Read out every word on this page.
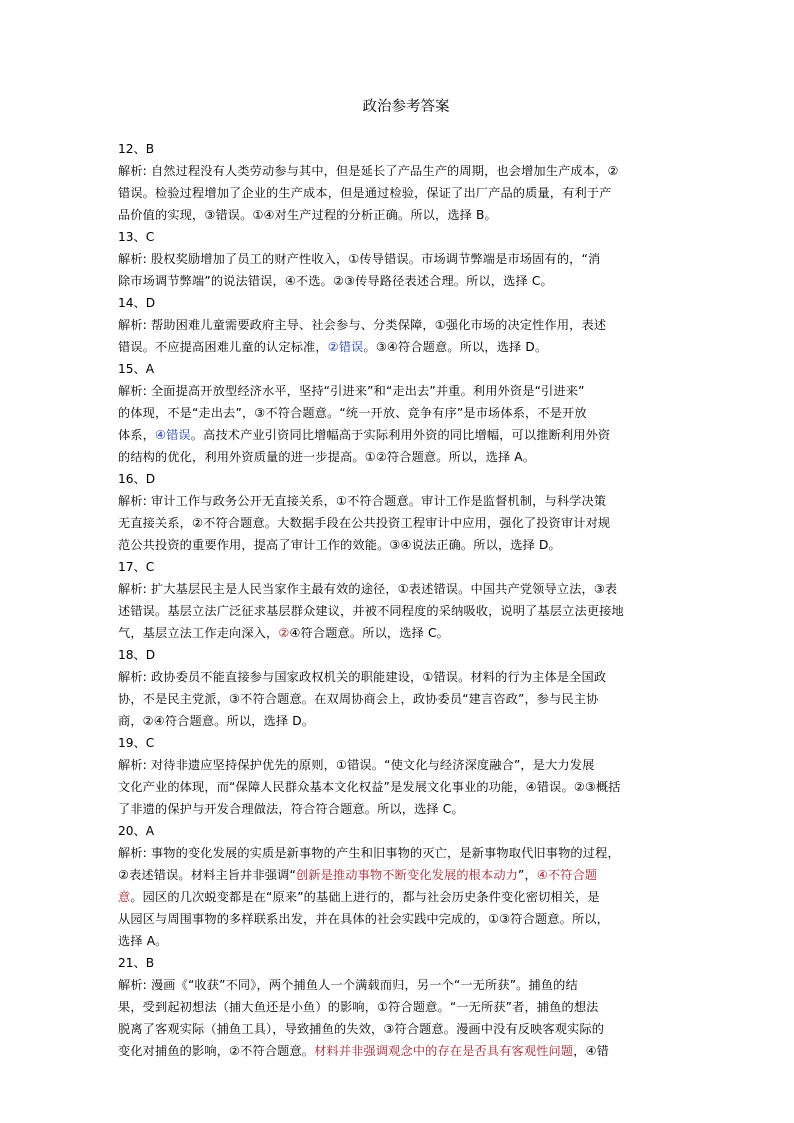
政治参考答案
12、B
解析: 自然过程没有人类劳动参与其中，但是延长了产品生产的周期，也会增加生产成本，②
错误。检验过程增加了企业的生产成本，但是通过检验，保证了出厂产品的质量，有利于产
品价值的实现，③错误。①④对生产过程的分析正确。所以，选择 B。
13、C
解析: 股权奖励增加了员工的财产性收入，①传导错误。市场调节弊端是市场固有的，“消
除市场调节弊端”的说法错误，④不选。②③传导路径表述合理。所以，选择 C。
14、D
解析: 帮助困难儿童需要政府主导、社会参与、分类保障，①强化市场的决定性作用，表述
错误。不应提高困难儿童的认定标准，②错误。③④符合题意。所以，选择 D。
15、A
解析: 全面提高开放型经济水平，坚持“引进来”和“走出去”并重。利用外资是“引进来”
的体现，不是“走出去”，③不符合题意。“统一开放、竞争有序”是市场体系，不是开放
体系，④错误。高技术产业引资同比增幅高于实际利用外资的同比增幅，可以推断利用外资
的结构的优化，利用外资质量的进一步提高。①②符合题意。所以，选择 A。
16、D
解析: 审计工作与政务公开无直接关系，①不符合题意。审计工作是监督机制，与科学决策
无直接关系，②不符合题意。大数据手段在公共投资工程审计中应用，强化了投资审计对规
范公共投资的重要作用，提高了审计工作的效能。③④说法正确。所以，选择 D。
17、C
解析: 扩大基层民主是人民当家作主最有效的途径，①表述错误。中国共产党领导立法，③表
述错误。基层立法广泛征求基层群众建议，并被不同程度的采纳吸收，说明了基层立法更接地
气，基层立法工作走向深入，②④符合题意。所以，选择 C。
18、D
解析: 政协委员不能直接参与国家政权机关的职能建设，①错误。材料的行为主体是全国政
协，不是民主党派，③不符合题意。在双周协商会上，政协委员“建言咨政”，参与民主协
商，②④符合题意。所以，选择 D。
19、C
解析: 对待非遗应坚持保护优先的原则，①错误。“使文化与经济深度融合”，是大力发展
文化产业的体现，而“保障人民群众基本文化权益”是发展文化事业的功能，④错误。②③概括
了非遗的保护与开发合理做法，符合符合题意。所以，选择 C。
20、A
解析: 事物的变化发展的实质是新事物的产生和旧事物的灭亡，是新事物取代旧事物的过程，
②表述错误。材料主旨并非强调“创新是推动事物不断变化发展的根本动力”，④不符合题
意。园区的几次蜕变都是在“原来”的基础上进行的，都与社会历史条件变化密切相关，是
从园区与周围事物的多样联系出发，并在具体的社会实践中完成的，①③符合题意。所以，
选择 A。
21、B
解析: 漫画《“收获”不同》，两个捕鱼人一个满载而归，另一个“一无所获”。捕鱼的结
果，受到起初想法（捕大鱼还是小鱼）的影响，①符合题意。“一无所获”者，捕鱼的想法
脱离了客观实际（捕鱼工具），导致捕鱼的失效，③符合题意。漫画中没有反映客观实际的
变化对捕鱼的影响，②不符合题意。材料并非强调观念中的存在是否具有客观性问题，④错
